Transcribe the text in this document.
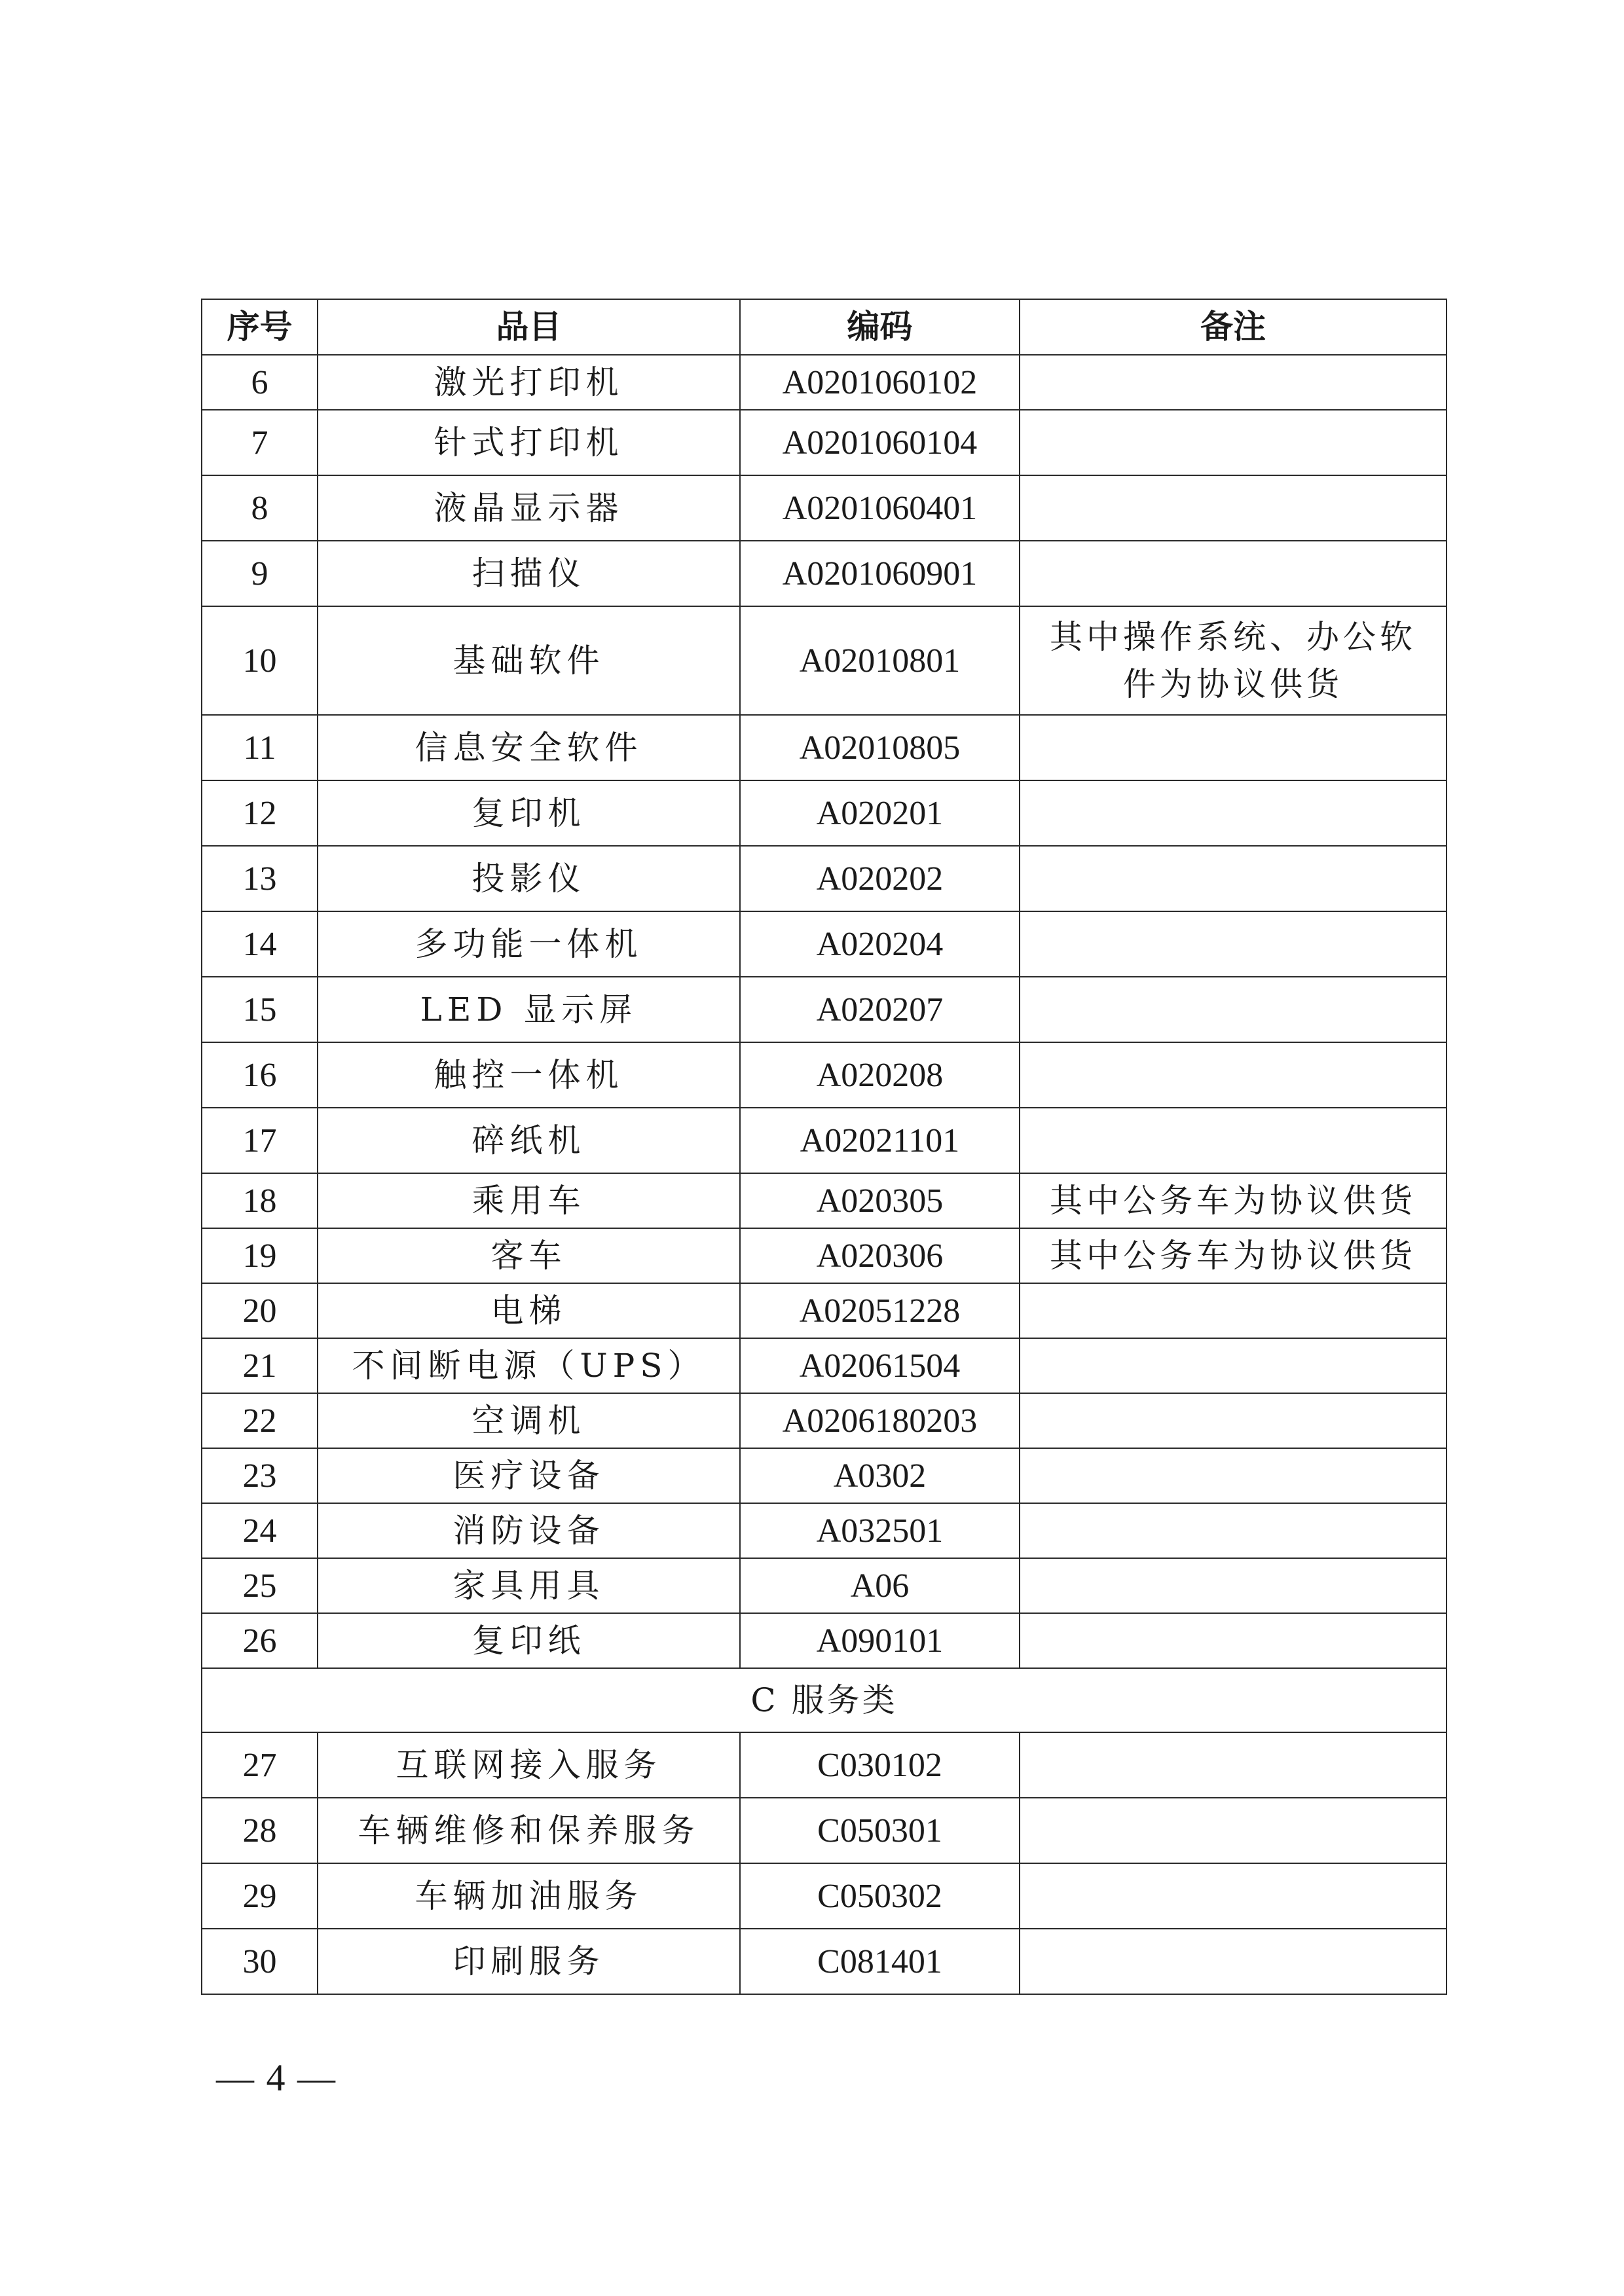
序号	品目	编码	备注
6	激光打印机	A0201060102	
7	针式打印机	A0201060104	
8	液晶显示器	A0201060401	
9	扫描仪	A0201060901	
10	基础软件	A02010801	其中操作系统、办公软
件为协议供货

11	信息安全软件	A02010805	
12	复印机	A020201	
13	投影仪	A020202	
14	多功能一体机	A020204	
15	LED 显示屏	A020207	
16	触控一体机	A020208	
17	碎纸机	A02021101	
18	乘用车	A020305	其中公务车为协议供货
19	客车	A020306	其中公务车为协议供货
20	电梯	A02051228	
21	不间断电源（UPS）	A02061504	
22	空调机	A0206180203	
23	医疗设备	A0302	
24	消防设备	A032501	
25	家具用具	A06	
26	复印纸	A090101	
C 服务类			
27	互联网接入服务	C030102	
28	车辆维修和保养服务	C050301	
29	车辆加油服务	C050302	
30	印刷服务	C081401	
— 4 —
